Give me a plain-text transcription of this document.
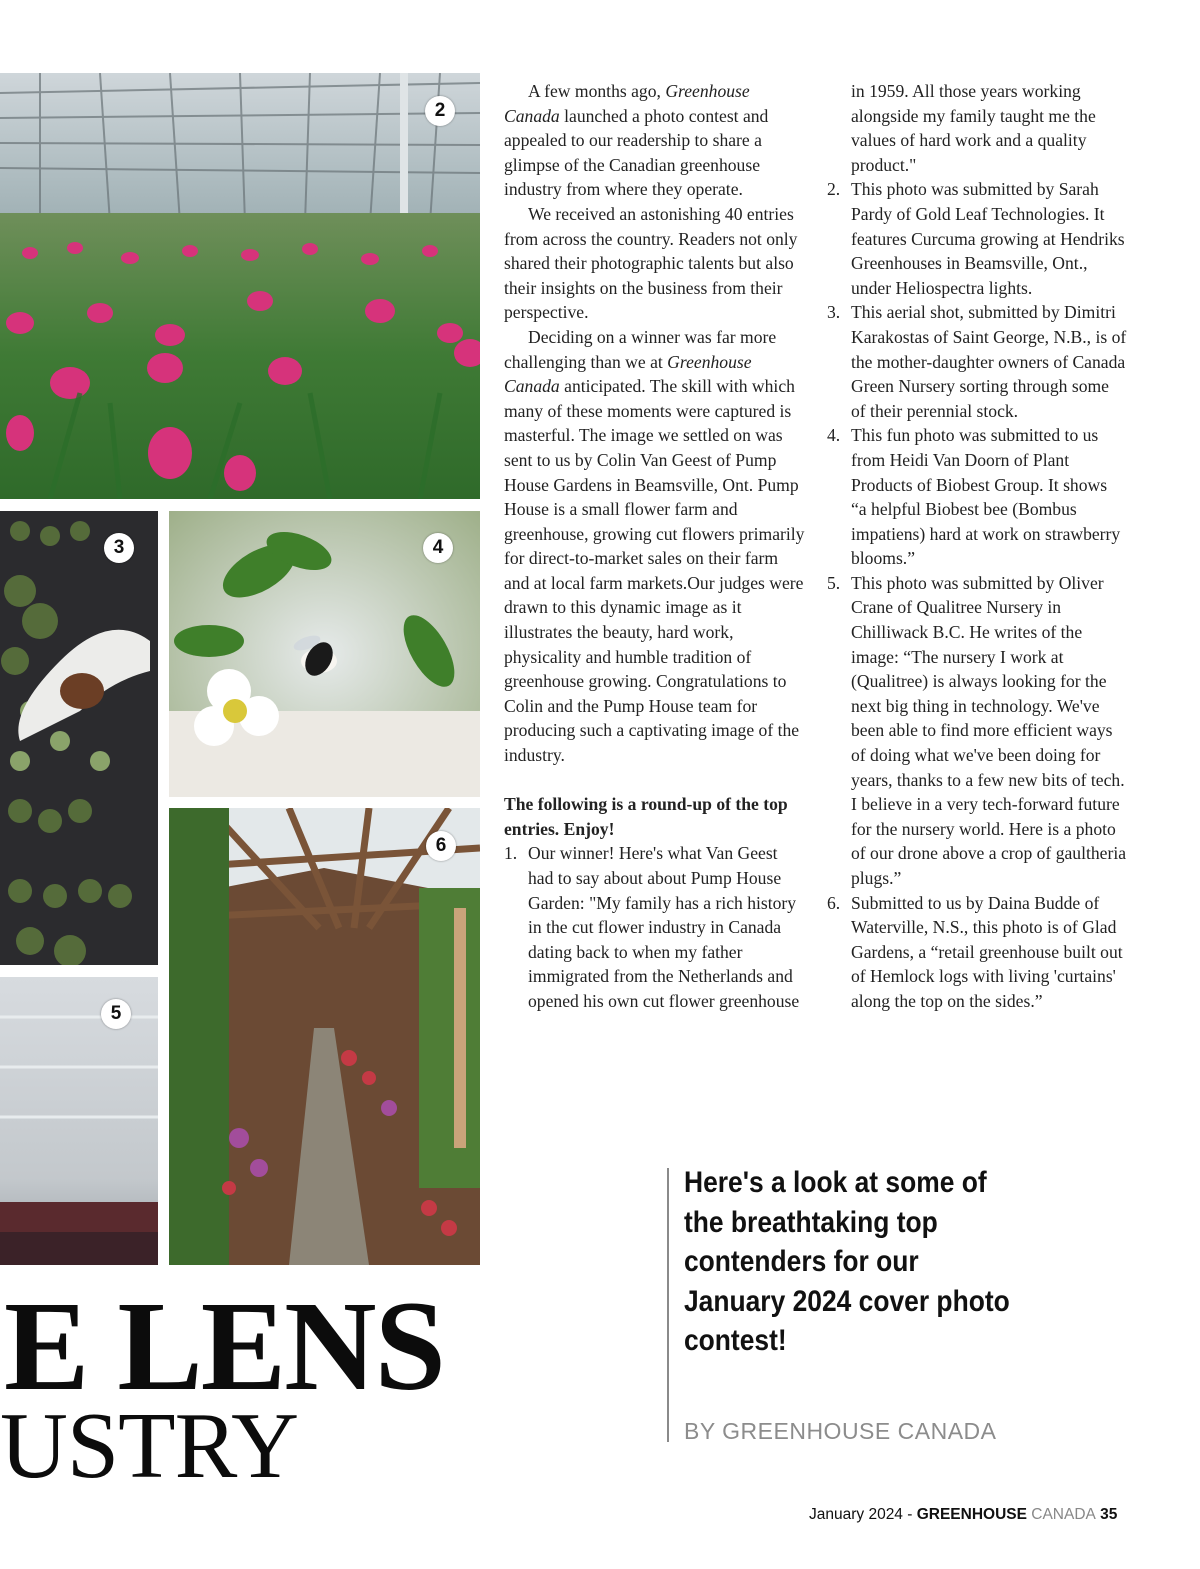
2
3	4
5
6

A few months ago, Greenhouse Canada launched a photo contest and appealed to our readership to share a glimpse of the Canadian greenhouse industry from where they operate.

We received an astonishing 40 entries from across the country. Readers not only shared their photographic talents but also their insights on the business from their perspective.

Deciding on a winner was far more challenging than we at Greenhouse Canada anticipated. The skill with which many of these moments were captured is masterful. The image we settled on was sent to us by Colin Van Geest of Pump House Gardens in Beamsville, Ont. Pump House is a small flower farm and greenhouse, growing cut flowers primarily for direct-to-market sales on their farm and at local farm markets.Our judges were drawn to this dynamic image as it illustrates the beauty, hard work, physicality and humble tradition of greenhouse growing. Congratulations to Colin and the Pump House team for producing such a captivating image of the industry.

The following is a round-up of the top entries. Enjoy!

1. Our winner! Here's what Van Geest had to say about about Pump House Garden: "My family has a rich history in the cut flower industry in Canada dating back to when my father immigrated from the Netherlands and opened his own cut flower greenhouse

in 1959. All those years working alongside my family taught me the values of hard work and a quality product."

2. This photo was submitted by Sarah Pardy of Gold Leaf Technologies. It features Curcuma growing at Hendriks Greenhouses in Beamsville, Ont., under Heliospectra lights.
3. This aerial shot, submitted by Dimitri Karakostas of Saint George, N.B., is of the mother-daughter owners of Canada Green Nursery sorting through some of their perennial stock.
4. This fun photo was submitted to us from Heidi Van Doorn of Plant Products of Biobest Group. It shows “a helpful Biobest bee (Bombus impatiens) hard at work on strawberry blooms.”
5. This photo was submitted by Oliver Crane of Qualitree Nursery in Chilliwack B.C. He writes of the image: “The nursery I work at (Qualitree) is always looking for the next big thing in technology. We've been able to find more efficient ways of doing what we've been doing for years, thanks to a few new bits of tech. I believe in a very tech-forward future for the nursery world. Here is a photo of our drone above a crop of gaultheria plugs.”
6. Submitted to us by Daina Budde of Waterville, N.S., this photo is of Glad Gardens, a “retail greenhouse built out of Hemlock logs with living 'curtains' along the top on the sides.”

Here's a look at some of the breathtaking top contenders for our January 2024 cover photo contest!

BY GREENHOUSE CANADA
E LENS
USTRY
January 2024 - GREENHOUSE CANADA 35
